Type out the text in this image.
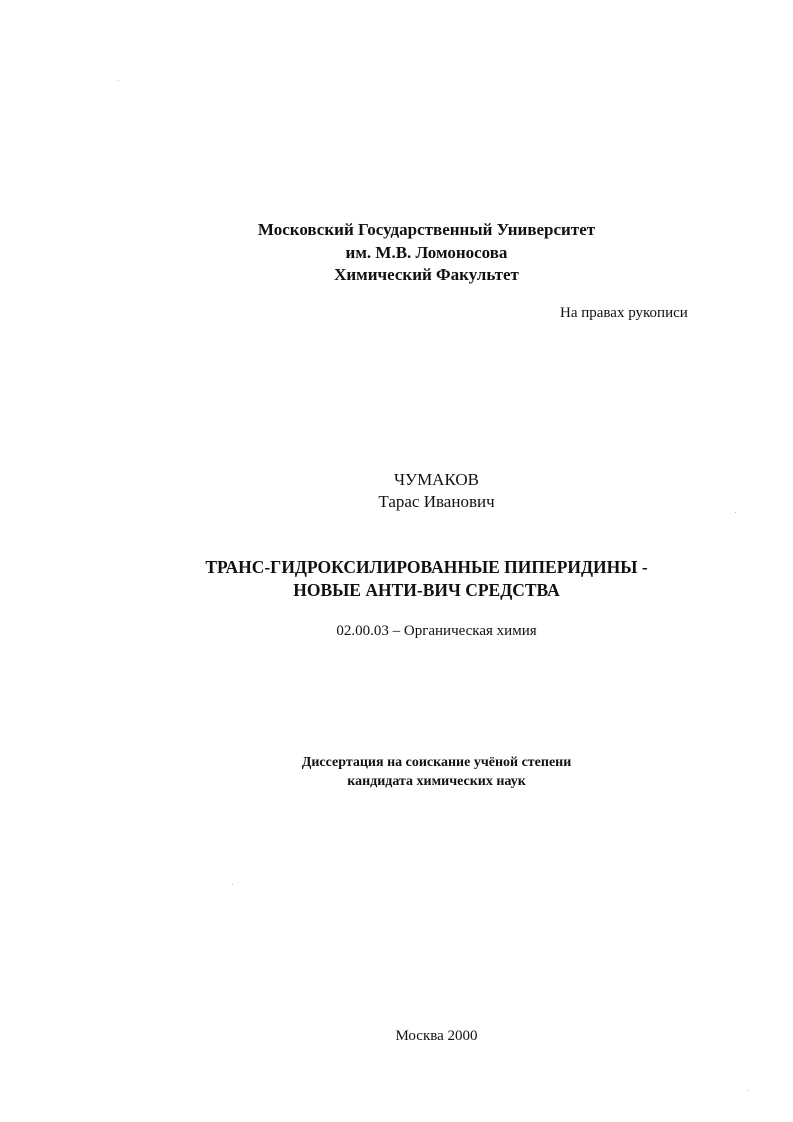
Московский Государственный Университет
им. М.В. Ломоносова
Химический Факультет
На правах рукописи
ЧУМАКОВ
Тарас Иванович
ТРАНС-ГИДРОКСИЛИРОВАННЫЕ ПИПЕРИДИНЫ -
НОВЫЕ АНТИ-ВИЧ СРЕДСТВА
02.00.03 – Органическая химия
Диссертация на соискание учёной степени
кандидата химических наук
Москва 2000
